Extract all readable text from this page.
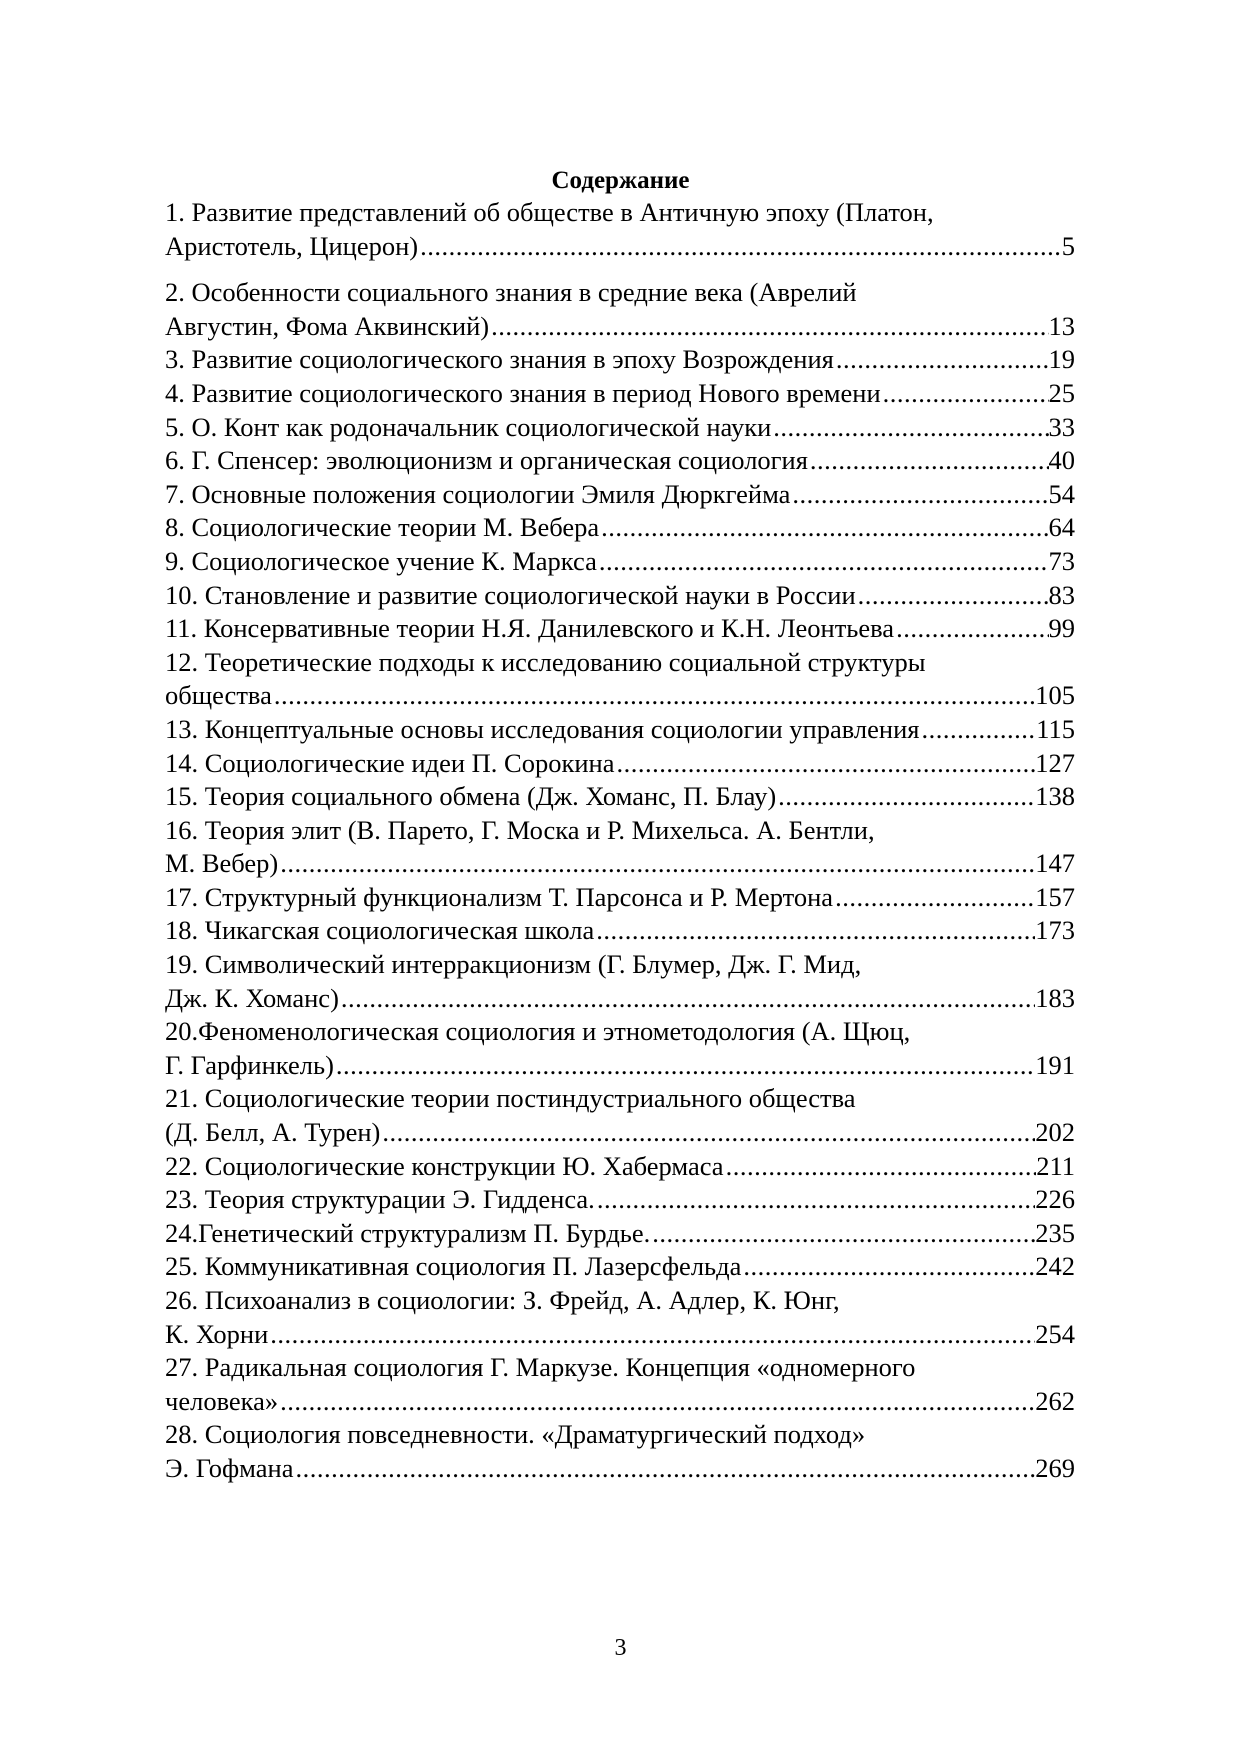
Содержание
1. Развитие представлений об обществе в Античную эпоху (Платон,
Аристотель, Цицерон) .....	5
2. Особенности социального знания в средние века (Аврелий
Августин, Фома Аквинский) .....	13
3. Развитие социологического знания в эпоху Возрождения .....	19
4. Развитие социологического знания в период Нового времени .....	25
5. О. Конт как родоначальник социологической науки .....	33
6. Г. Спенсер: эволюционизм и органическая социология .....	40
7. Основные положения социологии Эмиля Дюркгейма .....	54
8. Социологические теории М. Вебера .....	64
9. Социологическое учение К. Маркса .....	73
10. Становление и развитие социологической науки в России .....	83
11. Консервативные теории Н.Я. Данилевского и К.Н. Леонтьева .....	99
12. Теоретические подходы к исследованию социальной структуры
общества .....	105
13. Концептуальные основы исследования социологии управления .....	115
14. Социологические идеи П. Сорокина .....	127
15. Теория социального обмена (Дж. Хоманс, П. Блау) .....	138
16. Теория элит (В. Парето, Г. Моска и Р. Михельса. А. Бентли,
М. Вебер) .....	147
17. Структурный функционализм Т. Парсонса и Р. Мертона .....	157
18. Чикагская социологическая школа .....	173
19. Символический интерракционизм (Г. Блумер, Дж. Г. Мид,
Дж. К. Хоманс) .....	183
20.Феноменологическая социология и этнометодология (А. Щюц,
Г. Гарфинкель) .....	191
21. Социологические теории постиндустриального общества
(Д. Белл, А. Турен) .....	202
22. Социологические конструкции Ю. Хабермаса .....	211
23. Теория структурации Э. Гидденса. .....	226
24.Генетический структурализм П. Бурдье. .....	235
25. Коммуникативная социология П. Лазерсфельда .....	242
26. Психоанализ в социологии: З. Фрейд, А. Адлер, К. Юнг,
К. Хорни .....	254
27. Радикальная социология Г. Маркузе. Концепция «одномерного
человека» .....	262
28. Социология повседневности. «Драматургический подход»
Э. Гофмана .....	269
3
